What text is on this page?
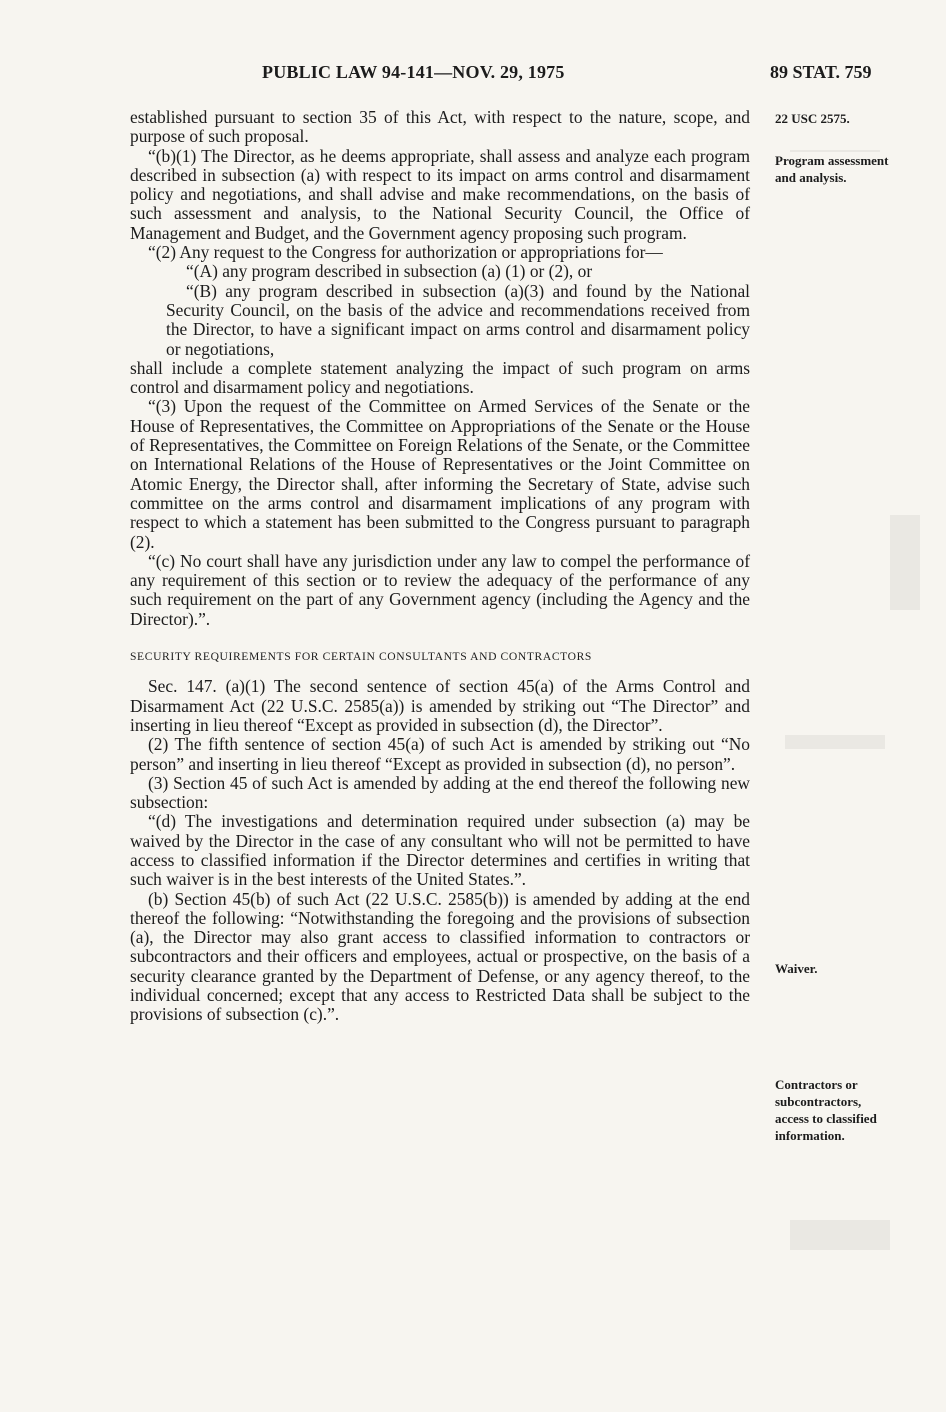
PUBLIC LAW 94-141—NOV. 29, 1975	89 STAT. 759
22 USC 2575.
Program assessment and analysis.
Waiver.
Contractors or subcontractors, access to classified information.

established pursuant to section 35 of this Act, with respect to the nature, scope, and purpose of such proposal.

“(b)(1) The Director, as he deems appropriate, shall assess and analyze each program described in subsection (a) with respect to its impact on arms control and disarmament policy and negotiations, and shall advise and make recommendations, on the basis of such assessment and analysis, to the National Security Council, the Office of Management and Budget, and the Government agency proposing such program.

“(2) Any request to the Congress for authorization or appropriations for—

“(A) any program described in subsection (a) (1) or (2), or

“(B) any program described in subsection (a)(3) and found by the National Security Council, on the basis of the advice and recommendations received from the Director, to have a significant impact on arms control and disarmament policy or negotiations,

shall include a complete statement analyzing the impact of such program on arms control and disarmament policy and negotiations.

“(3) Upon the request of the Committee on Armed Services of the Senate or the House of Representatives, the Committee on Appropriations of the Senate or the House of Representatives, the Committee on Foreign Relations of the Senate, or the Committee on International Relations of the House of Representatives or the Joint Committee on Atomic Energy, the Director shall, after informing the Secretary of State, advise such committee on the arms control and disarmament implications of any program with respect to which a statement has been submitted to the Congress pursuant to paragraph (2).

“(c) No court shall have any jurisdiction under any law to compel the performance of any requirement of this section or to review the adequacy of the performance of any such requirement on the part of any Government agency (including the Agency and the Director).”.

SECURITY REQUIREMENTS FOR CERTAIN CONSULTANTS AND CONTRACTORS

Sec. 147. (a)(1) The second sentence of section 45(a) of the Arms Control and Disarmament Act (22 U.S.C. 2585(a)) is amended by striking out “The Director” and inserting in lieu thereof “Except as provided in subsection (d), the Director”.

(2) The fifth sentence of section 45(a) of such Act is amended by striking out “No person” and inserting in lieu thereof “Except as provided in subsection (d), no person”.

(3) Section 45 of such Act is amended by adding at the end thereof the following new subsection:

“(d) The investigations and determination required under subsection (a) may be waived by the Director in the case of any consultant who will not be permitted to have access to classified information if the Director determines and certifies in writing that such waiver is in the best interests of the United States.”.

(b) Section 45(b) of such Act (22 U.S.C. 2585(b)) is amended by adding at the end thereof the following: “Notwithstanding the foregoing and the provisions of subsection (a), the Director may also grant access to classified information to contractors or subcontractors and their officers and employees, actual or prospective, on the basis of a security clearance granted by the Department of Defense, or any agency thereof, to the individual concerned; except that any access to Restricted Data shall be subject to the provisions of subsection (c).”.
